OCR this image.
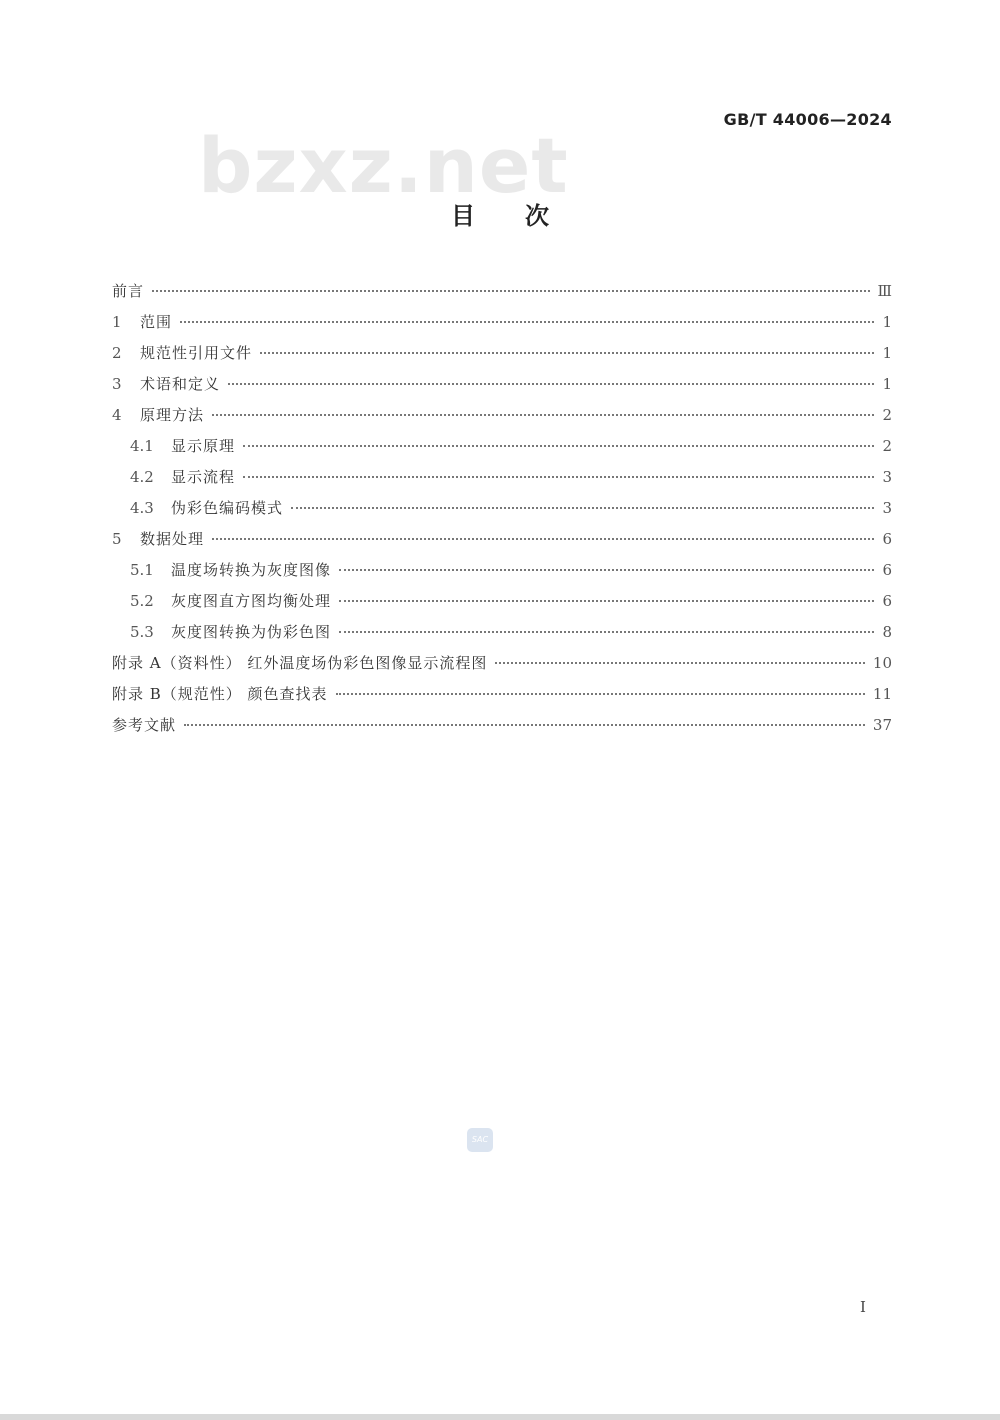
bzxz.net
GB/T 44006—2024
目次
前言	Ⅲ
1	范围	1
2	规范性引用文件	1
3	术语和定义	1
4	原理方法	2
4.1	显示原理	2
4.2	显示流程	3
4.3	伪彩色编码模式	3
5	数据处理	6
5.1	温度场转换为灰度图像	6
5.2	灰度图直方图均衡处理	6
5.3	灰度图转换为伪彩色图	8
附录 A（资料性） 红外温度场伪彩色图像显示流程图	10
附录 B（规范性） 颜色查找表	11
参考文献	37
SAC
I
